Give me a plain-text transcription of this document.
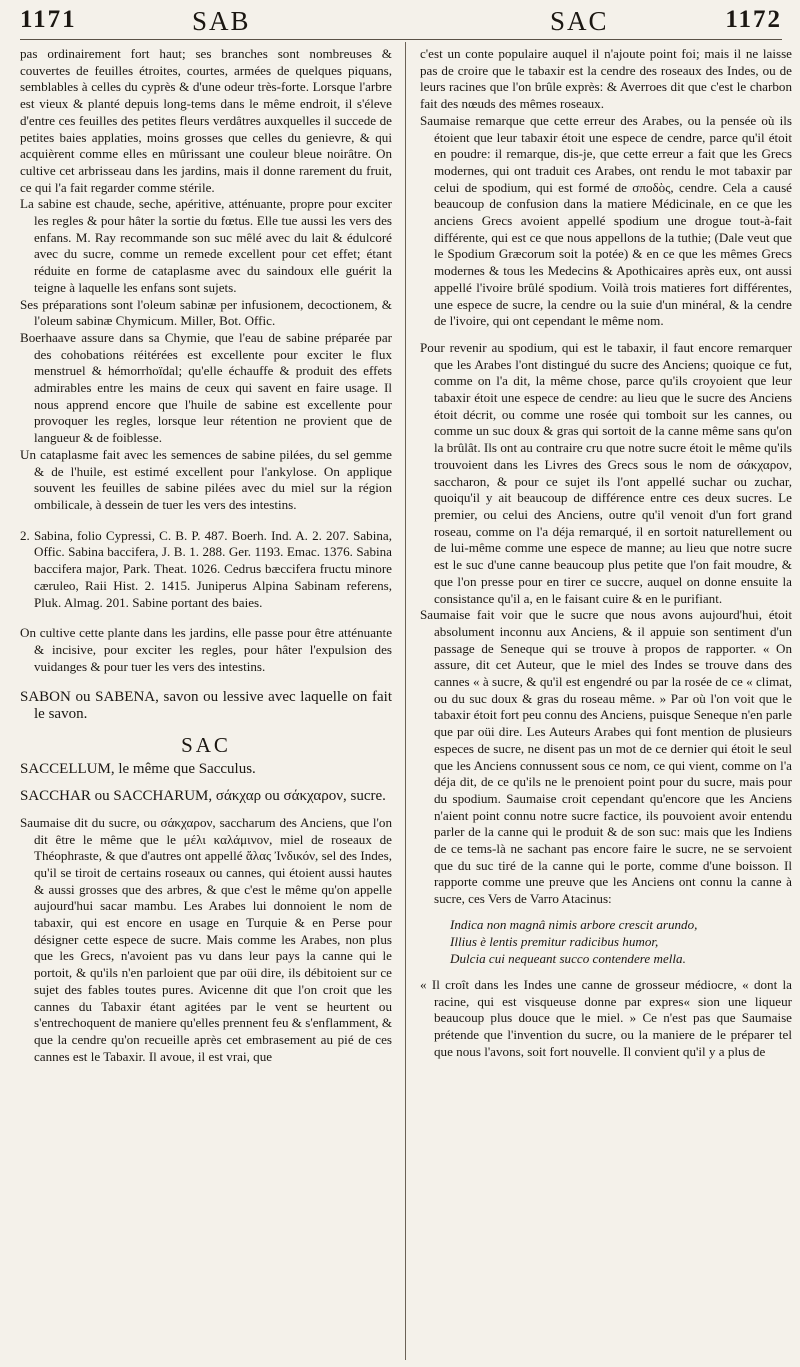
1171	SAB	SAC	1172

pas ordinairement fort haut; ses branches sont nombreuses & couvertes de feuilles étroites, courtes, armées de quelques piquans, semblables à celles du cyprès & d'une odeur très-forte. Lorsque l'arbre est vieux & planté depuis long-tems dans le même endroit, il s'éleve d'entre ces feuilles des petites fleurs verdâtres auxquelles il succede de petites baies applaties, moins grosses que celles du genievre, & qui acquièrent comme elles en mûrissant une couleur bleue noirâtre. On cultive cet arbrisseau dans les jardins, mais il donne rarement du fruit, ce qui l'a fait regarder comme stérile.

La sabine est chaude, seche, apéritive, atténuante, propre pour exciter les regles & pour hâter la sortie du fœtus. Elle tue aussi les vers des enfans. M. Ray recommande son suc mêlé avec du lait & édulcoré avec du sucre, comme un remede excellent pour cet effet; étant réduite en forme de cataplasme avec du saindoux elle guérit la teigne à laquelle les enfans sont sujets.

Ses préparations sont l'oleum sabinæ per infusionem, decoctionem, & l'oleum sabinæ Chymicum. Miller, Bot. Offic.

Boerhaave assure dans sa Chymie, que l'eau de sabine préparée par des cohobations réitérées est excellente pour exciter le flux menstruel & hémorrhoïdal; qu'elle échauffe & produit des effets admirables entre les mains de ceux qui savent en faire usage. Il nous apprend encore que l'huile de sabine est excellente pour provoquer les regles, lorsque leur rétention ne provient que de langueur & de foiblesse.

Un cataplasme fait avec les semences de sabine pilées, du sel gemme & de l'huile, est estimé excellent pour l'ankylose. On applique souvent les feuilles de sabine pilées avec du miel sur la région ombilicale, à dessein de tuer les vers des intestins.

2. Sabina, folio Cypressi, C. B. P. 487. Boerh. Ind. A. 2. 207. Sabina, Offic. Sabina baccifera, J. B. 1. 288. Ger. 1193. Emac. 1376. Sabina baccifera major, Park. Theat. 1026. Cedrus bæccifera fructu minore cæruleo, Raii Hist. 2. 1415. Juniperus Alpina Sabinam referens, Pluk. Almag. 201. Sabine portant des baies.

On cultive cette plante dans les jardins, elle passe pour être atténuante & incisive, pour exciter les regles, pour hâter l'expulsion des vuidanges & pour tuer les vers des intestins.

SABON ou SABENA, savon ou lessive avec laquelle on fait le savon.

SAC

SACCELLUM, le même que Sacculus.

SACCHAR ou SACCHARUM, σάκχαρ ou σάκχαρον, sucre.

Saumaise dit du sucre, ou σάκχαρον, saccharum des Anciens, que l'on dit être le même que le μέλι καλάμινον, miel de roseaux de Théophraste, & que d'autres ont appellé ἅλας Ἰνδικόν, sel des Indes, qu'il se tiroit de certains roseaux ou cannes, qui étoient aussi hautes & aussi grosses que des arbres, & que c'est le même qu'on appelle aujourd'hui sacar mambu. Les Arabes lui donnoient le nom de tabaxir, qui est encore en usage en Turquie & en Perse pour désigner cette espece de sucre. Mais comme les Arabes, non plus que les Grecs, n'avoient pas vu dans leur pays la canne qui le portoit, & qu'ils n'en parloient que par oüi dire, ils débitoient sur ce sujet des fables toutes pures. Avicenne dit que l'on croit que les cannes du Tabaxir étant agitées par le vent se heurtent ou s'entrechoquent de maniere qu'elles prennent feu & s'enflamment, & que la cendre qu'on recueille après cet embrasement au pié de ces cannes est le Tabaxir. Il avoue, il est vrai, que

c'est un conte populaire auquel il n'ajoute point foi; mais il ne laisse pas de croire que le tabaxir est la cendre des roseaux des Indes, ou de leurs racines que l'on brûle exprès: & Averroes dit que c'est le charbon fait des nœuds des mêmes roseaux.

Saumaise remarque que cette erreur des Arabes, ou la pensée où ils étoient que leur tabaxir étoit une espece de cendre, parce qu'il étoit en poudre: il remarque, dis-je, que cette erreur a fait que les Grecs modernes, qui ont traduit ces Arabes, ont rendu le mot tabaxir par celui de spodium, qui est formé de σποδὸς, cendre. Cela a causé beaucoup de confusion dans la matiere Médicinale, en ce que les anciens Grecs avoient appellé spodium une drogue tout-à-fait différente, qui est ce que nous appellons de la tuthie; (Dale veut que le Spodium Græcorum soit la potée) & en ce que les mêmes Grecs modernes & tous les Medecins & Apothicaires après eux, ont aussi appellé l'ivoire brûlé spodium. Voilà trois matieres fort différentes, une espece de sucre, la cendre ou la suie d'un minéral, & la cendre de l'ivoire, qui ont cependant le même nom.

Pour revenir au spodium, qui est le tabaxir, il faut encore remarquer que les Arabes l'ont distingué du sucre des Anciens; quoique ce fut, comme on l'a dit, la même chose, parce qu'ils croyoient que leur tabaxir étoit une espece de cendre: au lieu que le sucre des Anciens étoit décrit, ou comme une rosée qui tomboit sur les cannes, ou comme un suc doux & gras qui sortoit de la canne même sans qu'on la brûlât. Ils ont au contraire cru que notre sucre étoit le même qu'ils trouvoient dans les Livres des Grecs sous le nom de σάκχαρον, saccharon, & pour ce sujet ils l'ont appellé suchar ou zuchar, quoiqu'il y ait beaucoup de différence entre ces deux sucres. Le premier, ou celui des Anciens, outre qu'il venoit d'un fort grand roseau, comme on l'a déja remarqué, il en sortoit naturellement ou de lui-même comme une espece de manne; au lieu que notre sucre est le suc d'une canne beaucoup plus petite que l'on fait moudre, & que l'on presse pour en tirer ce succre, auquel on donne ensuite la consistance qu'il a, en le faisant cuire & en le purifiant.

Saumaise fait voir que le sucre que nous avons aujourd'hui, étoit absolument inconnu aux Anciens, & il appuie son sentiment d'un passage de Seneque qui se trouve à propos de rapporter. « On assure, dit cet Auteur, que le miel des Indes se trouve dans des cannes « à sucre, & qu'il est engendré ou par la rosée de ce « climat, ou du suc doux & gras du roseau même. » Par où l'on voit que le tabaxir étoit fort peu connu des Anciens, puisque Seneque n'en parle que par oüi dire. Les Auteurs Arabes qui font mention de plusieurs especes de sucre, ne disent pas un mot de ce dernier qui étoit le seul que les Anciens connussent sous ce nom, ce qui vient, comme on l'a déja dit, de ce qu'ils ne le prenoient point pour du sucre, mais pour du spodium. Saumaise croit cependant qu'encore que les Anciens n'aient point connu notre sucre factice, ils pouvoient avoir entendu parler de la canne qui le produit & de son suc: mais que les Indiens de ce tems-là ne sachant pas encore faire le sucre, ne se servoient que du suc tiré de la canne qui le porte, comme d'une boisson. Il rapporte comme une preuve que les Anciens ont connu la canne à sucre, ces Vers de Varro Atacinus:

Indica non magnâ nimis arbore crescit arundo,
Illius è lentis premitur radicibus humor,
Dulcia cui nequeant succo contendere mella.

« Il croît dans les Indes une canne de grosseur médiocre, « dont la racine, qui est visqueuse donne par expres« sion une liqueur beaucoup plus douce que le miel. » Ce n'est pas que Saumaise prétende que l'invention du sucre, ou la maniere de le préparer tel que nous l'avons, soit fort nouvelle. Il convient qu'il y a plus de
